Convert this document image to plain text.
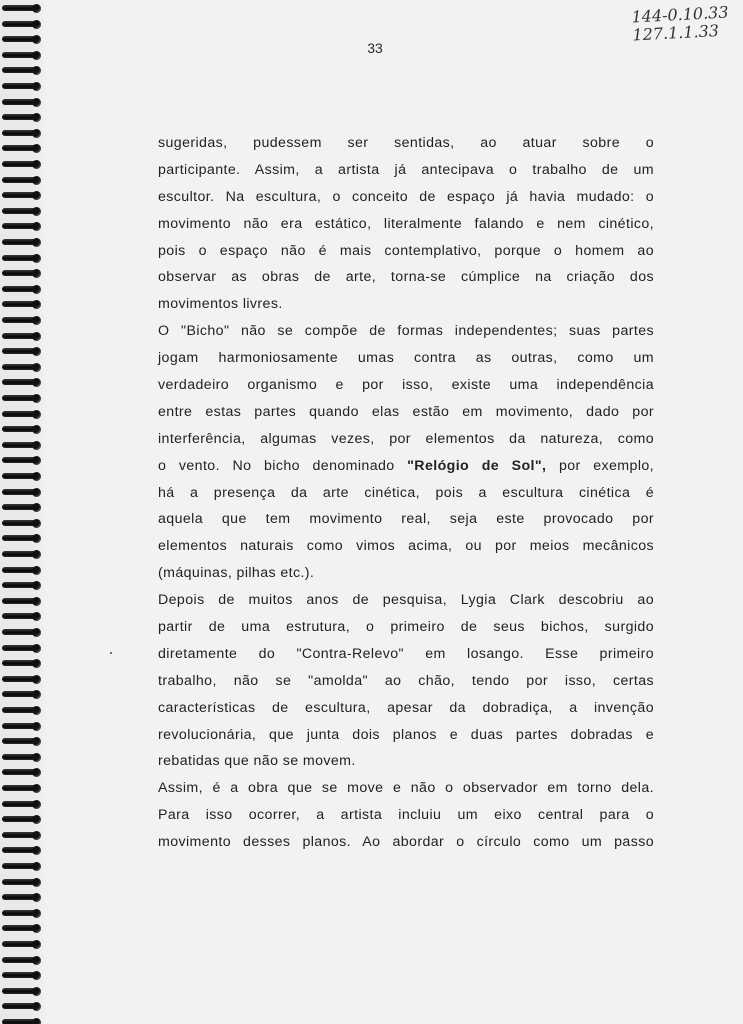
144-0.10.33
127.1.1.33
33
sugeridas, pudessem ser sentidas, ao atuar sobre o
participante. Assim, a artista já antecipava o trabalho de um
escultor. Na escultura, o conceito de espaço já havia mudado: o
movimento não era estático, literalmente falando e nem cinético,
pois o espaço não é mais contemplativo, porque o homem ao
observar as obras de arte, torna-se cúmplice na criação dos
movimentos livres.
O "Bicho" não se compõe de formas independentes; suas partes
jogam harmoniosamente umas contra as outras, como um
verdadeiro organismo e por isso, existe uma independência
entre estas partes quando elas estão em movimento, dado por
interferência, algumas vezes, por elementos da natureza, como
o vento. No bicho denominado "Relógio de Sol", por exemplo,
há a presença da arte cinética, pois a escultura cinética é
aquela que tem movimento real, seja este provocado por
elementos naturais como vimos acima, ou por meios mecânicos
(máquinas, pilhas etc.).
Depois de muitos anos de pesquisa, Lygia Clark descobriu ao
partir de uma estrutura, o primeiro de seus bichos, surgido
diretamente do "Contra-Relevo" em losango. Esse primeiro
trabalho, não se "amolda" ao chão, tendo por isso, certas
características de escultura, apesar da dobradiça, a invenção
revolucionária, que junta dois planos e duas partes dobradas e
rebatidas que não se movem.
Assim, é a obra que se move e não o observador em torno dela.
Para isso ocorrer, a artista incluiu um eixo central para o
movimento desses planos. Ao abordar o círculo como um passo
